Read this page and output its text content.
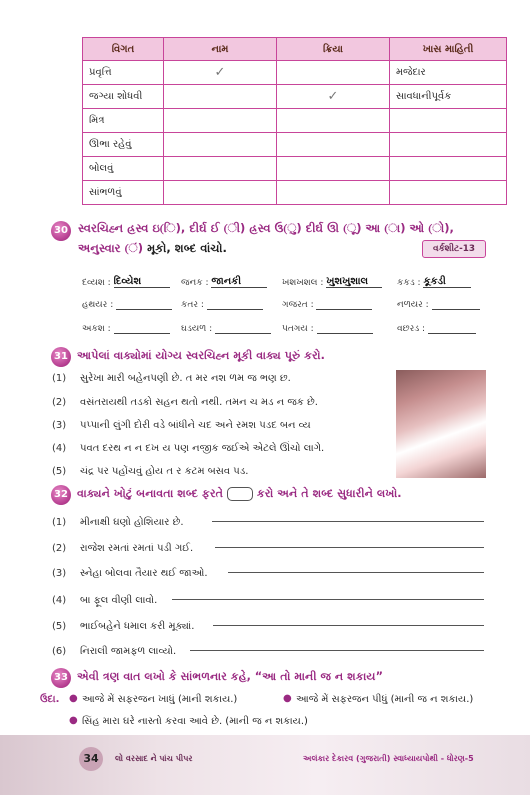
વિગત	નામ	ક્રિયા	ખાસ માહિતી
પ્રવૃત્તિ	✓		મજેદાર
જગ્યા શોધવી		✓	સાવધાનીપૂર્વક
મિત્ર			
ઊભા રહેવું			
બોલવું			
સાંભળવું			
30 સ્વરચિહ્ન હ્રસ્વ ઇ(િ), દીર્ઘ ઈ (ી) હ્રસ્વ ઉ(ુ) દીર્ઘ ઊ (ૂ) આ (ા) ઓ (ો),
અનુસ્વાર (ં) મૂકો, શબ્દ વાંચો.	વર્કશીટ-13
દવ્યશ : દિવ્યેશ	જનક : જાનકી	ખશખશલ : ખુશખુશાલ	કકડ : કૂકડી
હથયર :	કતર :	ગજરત :	નળયર :
અકશ :	ઘડયળ :	પતગય :	વછરડ :
31 આપેલાં વાક્યોમાં યોગ્ય સ્વરચિહ્ન મૂકી વાક્ય પૂરું કરો.
(1) સુરેખા મારી બહેનપણી છે. ત મર નશ ળમ જ ભણ છ.
(2) વસંતરાયથી તડકો સહન થતો નથી. તમન ચ મડ ન જક છે.
(3) પપ્પાની લુંગી દોરી વડે બાંધીને ચદ અને રમશ પડદ બન વ્ય
(4) પવત દરથ ન ન દખ ય પણ નજીક જઈએ એટલે ઊંચો લાગે.
(5) ચંદ્ર પર પહોંચવું હોય ત ર કટમ બસવ પડ.
32 વાક્યને ખોટું બનાવતા શબ્દ ફરતે	કરો અને તે શબ્દ સુધારીને લખો.
(1) મીનાક્ષી ઘણો હોશિયાર છે.
(2) રાજેશ રમતાં રમતાં પડી ગઈ.
(3) સ્નેહા બોલવા તૈયાર થઈ જાઓ.
(4) બા ફૂલ વીણી લાવો.
(5) ભાઈબહેને ધમાલ કરી મૂક્યાં.
(6) નિરાલી જામફળ લાવ્યો.
33 એવી ત્રણ વાત લખો કે સાંભળનાર કહે, “આ તો માની જ ન શકાય”
ઉદા. ● આજે મેં સફરજન ખાધું (માની શકાય.)	● આજે મેં સફરજન પીધું (માની જ ન શકાય.)
● સિંહ મારા ઘરે નાસ્તો કરવા આવે છે. (માની જ ન શકાય.)
34	લો વરસાદ ને પાંચ પીપર	અલંકાર દેકારવ (ગુજરાતી) સ્વાધ્યાયપોથી - ધોરણ-5
